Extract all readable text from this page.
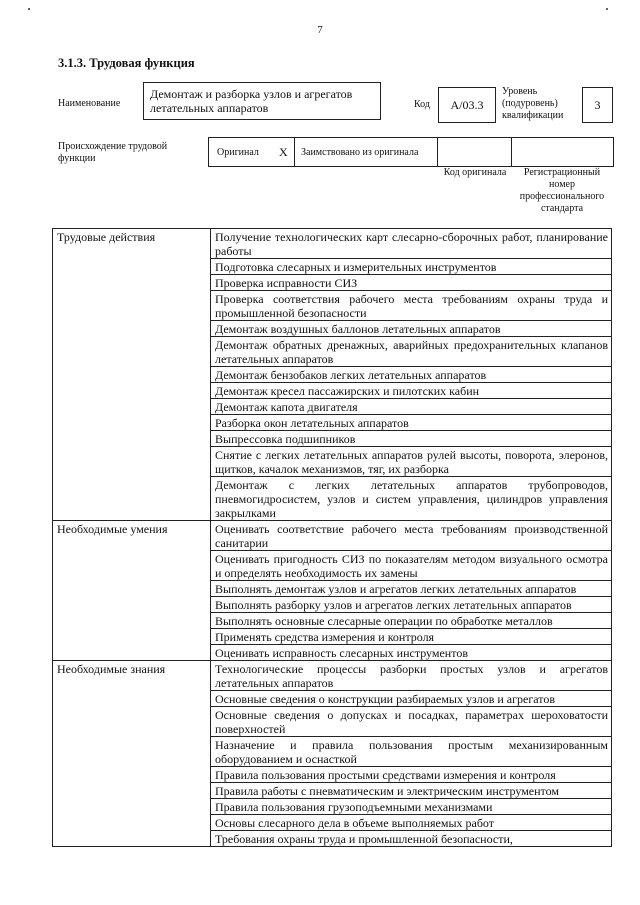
7
3.1.3. Трудовая функция
Наименование
Демонтаж и разборка узлов и агрегатов летательных аппаратов	Код	А/03.3
Уровень (подуровень) квалификации
3
Происхождение трудовой функции
Оригинал X Заимствовано из оригинала
Код оригинала	Регистрационный номер профессионального стандарта
Трудовые действия	Получение технологических карт слесарно-сборочных работ, планирование работы
	Подготовка слесарных и измерительных инструментов
	Проверка исправности СИЗ
	Проверка соответствия рабочего места требованиям охраны труда и промышленной безопасности
	Демонтаж воздушных баллонов летательных аппаратов
	Демонтаж обратных дренажных, аварийных предохранительных клапанов летательных аппаратов
	Демонтаж бензобаков легких летательных аппаратов
	Демонтаж кресел пассажирских и пилотских кабин
	Демонтаж капота двигателя
	Разборка окон летательных аппаратов
	Выпрессовка подшипников
	Снятие с легких летательных аппаратов рулей высоты, поворота, элеронов, щитков, качалок механизмов, тяг, их разборка
	Демонтаж с легких летательных аппаратов трубопроводов, пневмогидросистем, узлов и систем управления, цилиндров управления закрылками
Необходимые умения	Оценивать соответствие рабочего места требованиям производственной санитарии
	Оценивать пригодность СИЗ по показателям методом визуального осмотра и определять необходимость их замены
	Выполнять демонтаж узлов и агрегатов легких летательных аппаратов
	Выполнять разборку узлов и агрегатов легких летательных аппаратов
	Выполнять основные слесарные операции по обработке металлов
	Применять средства измерения и контроля
	Оценивать исправность слесарных инструментов
Необходимые знания	Технологические процессы разборки простых узлов и агрегатов летательных аппаратов
	Основные сведения о конструкции разбираемых узлов и агрегатов
	Основные сведения о допусках и посадках, параметрах шероховатости поверхностей
	Назначение и правила пользования простым механизированным оборудованием и оснасткой
	Правила пользования простыми средствами измерения и контроля
	Правила работы с пневматическим и электрическим инструментом
	Правила пользования грузоподъемными механизмами
	Основы слесарного дела в объеме выполняемых работ
	Требования охраны труда и промышленной безопасности,
